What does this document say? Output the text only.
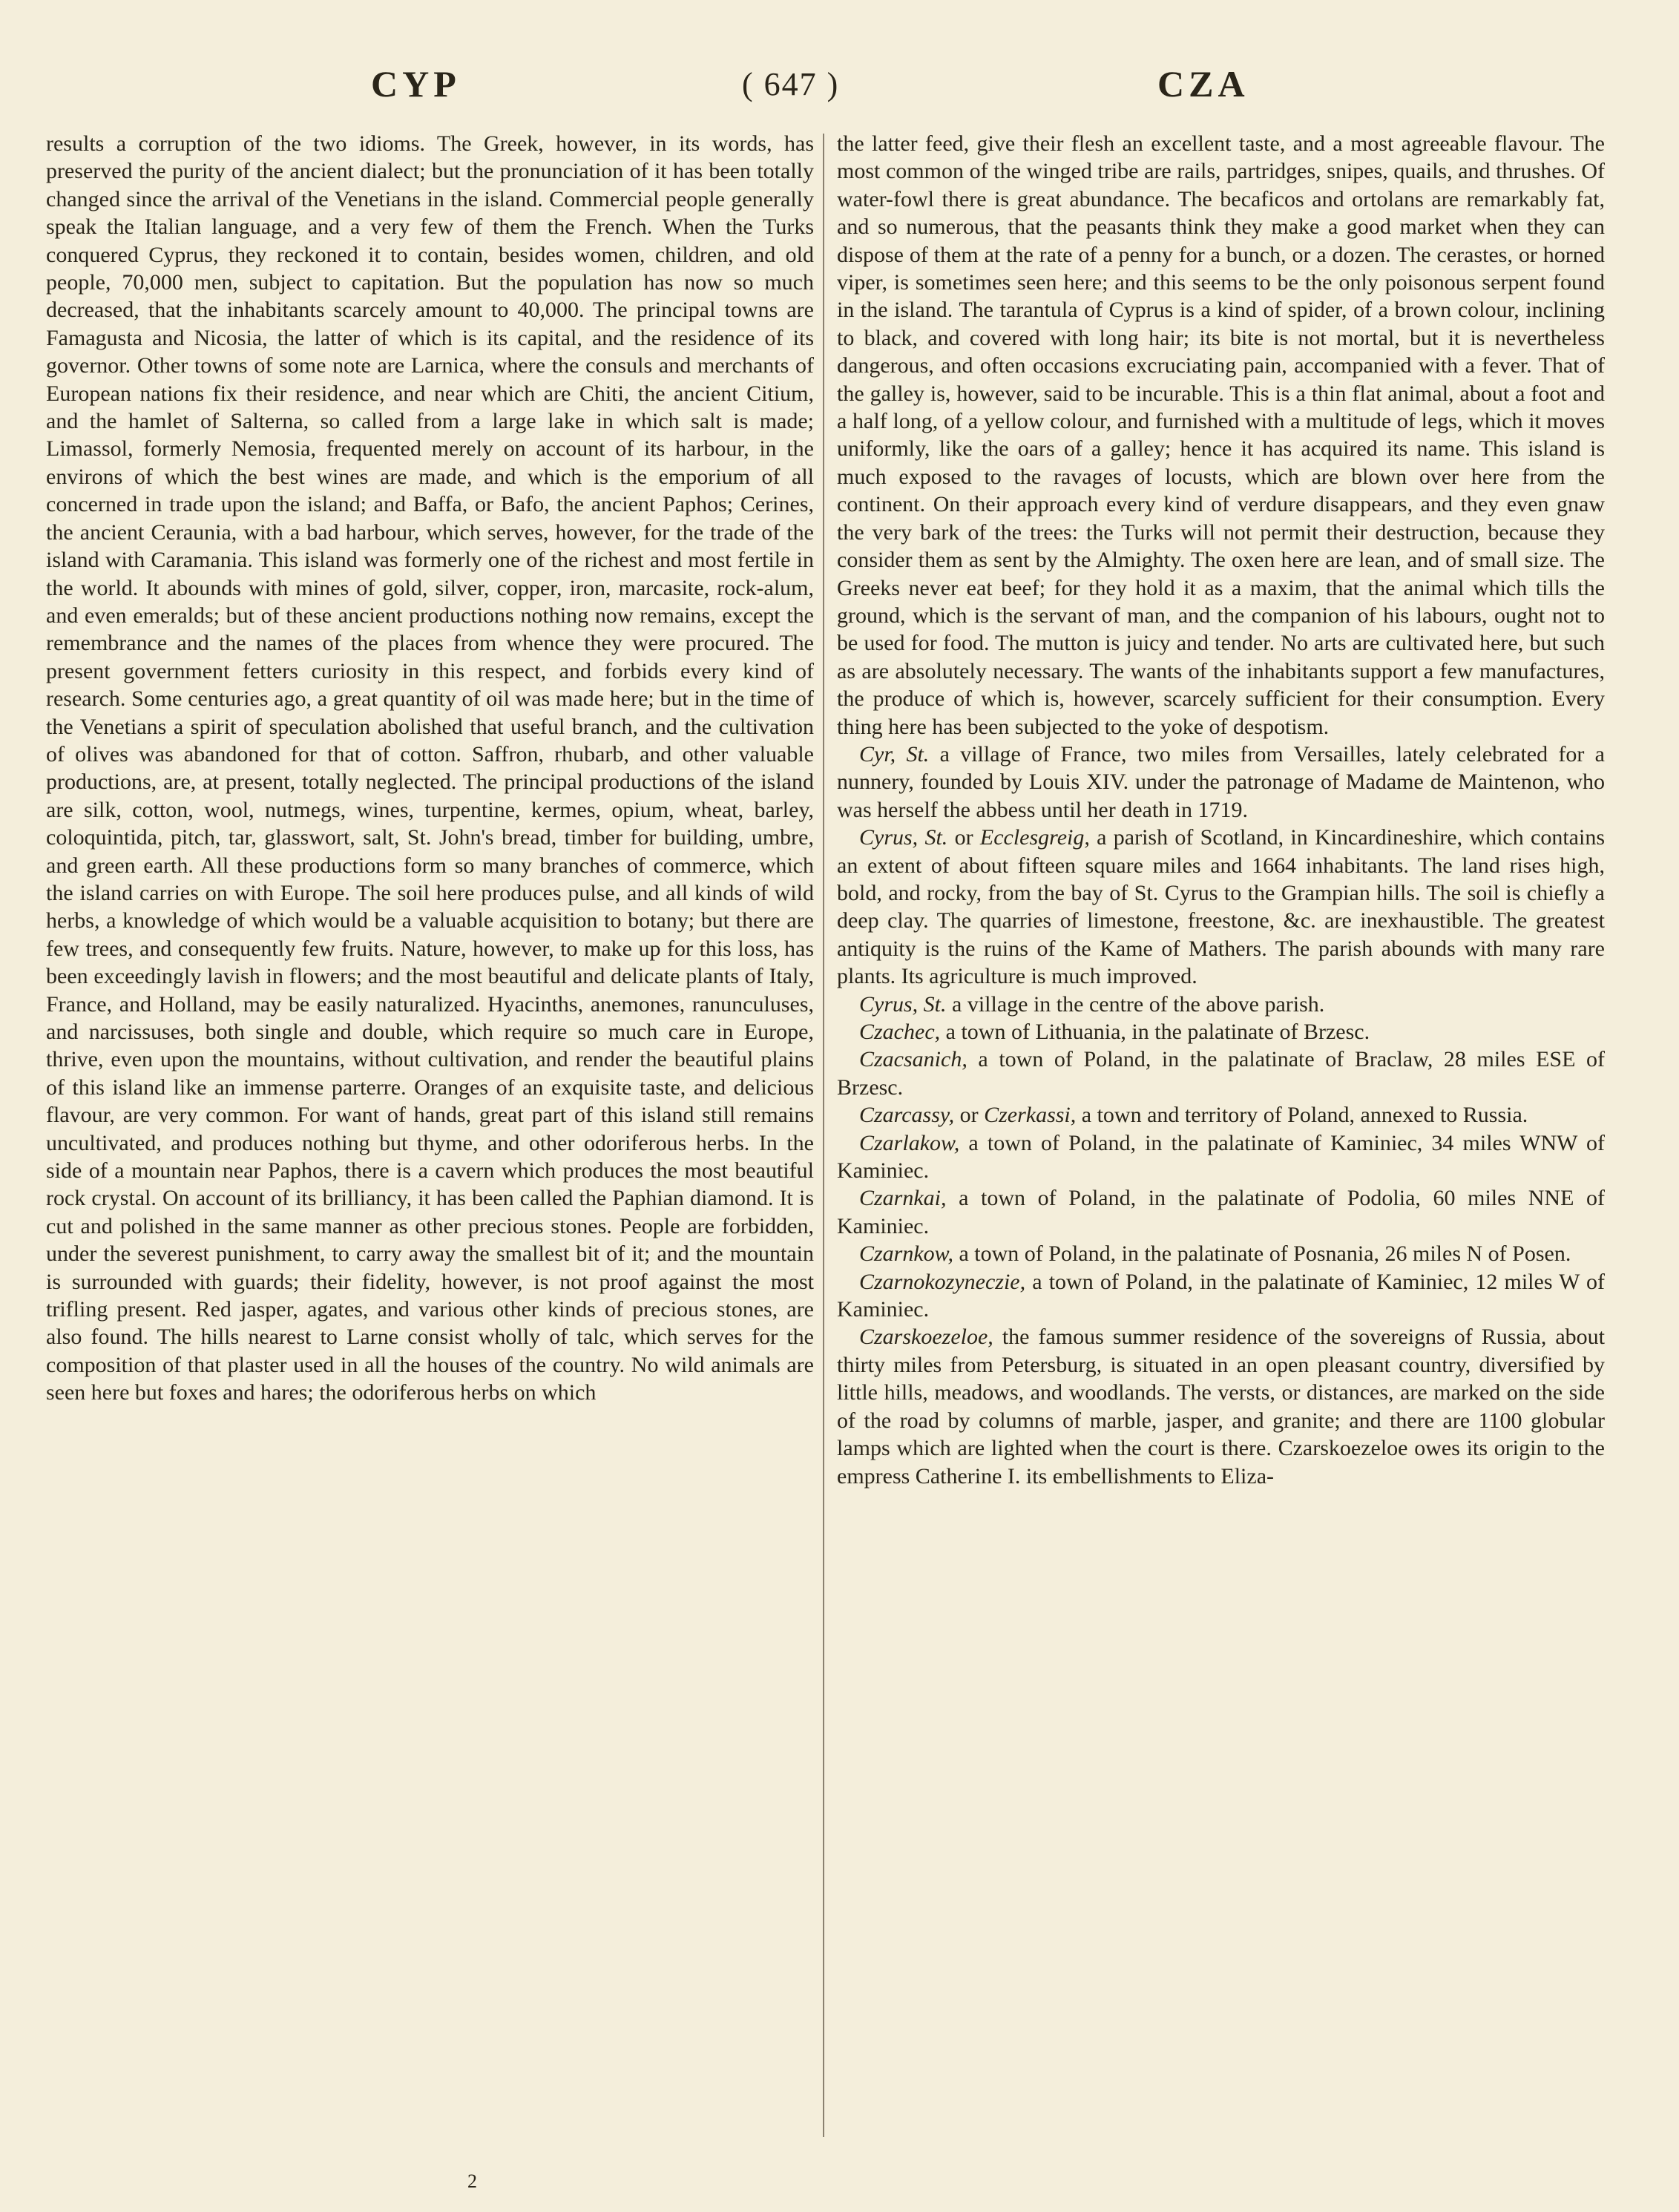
CYP	( 647 )	CZA

results a corruption of the two idioms. The Greek, however, in its words, has preserved the purity of the ancient dialect; but the pronunciation of it has been totally changed since the arrival of the Venetians in the island. Commercial people generally speak the Italian language, and a very few of them the French. When the Turks conquered Cyprus, they reckoned it to contain, besides women, children, and old people, 70,000 men, subject to capitation. But the population has now so much decreased, that the inhabitants scarcely amount to 40,000. The principal towns are Famagusta and Nicosia, the latter of which is its capital, and the residence of its governor. Other towns of some note are Larnica, where the consuls and merchants of European nations fix their residence, and near which are Chiti, the ancient Citium, and the hamlet of Salterna, so called from a large lake in which salt is made; Limassol, formerly Nemosia, frequented merely on account of its harbour, in the environs of which the best wines are made, and which is the emporium of all concerned in trade upon the island; and Baffa, or Bafo, the ancient Paphos; Cerines, the ancient Ceraunia, with a bad harbour, which serves, however, for the trade of the island with Caramania. This island was formerly one of the richest and most fertile in the world. It abounds with mines of gold, silver, copper, iron, marcasite, rock-alum, and even emeralds; but of these ancient productions nothing now remains, except the remembrance and the names of the places from whence they were procured. The present government fetters curiosity in this respect, and forbids every kind of research. Some centuries ago, a great quantity of oil was made here; but in the time of the Venetians a spirit of speculation abolished that useful branch, and the cultivation of olives was abandoned for that of cotton. Saffron, rhubarb, and other valuable productions, are, at present, totally neglected. The principal productions of the island are silk, cotton, wool, nutmegs, wines, turpentine, kermes, opium, wheat, barley, coloquintida, pitch, tar, glasswort, salt, St. John's bread, timber for building, umbre, and green earth. All these productions form so many branches of commerce, which the island carries on with Europe. The soil here produces pulse, and all kinds of wild herbs, a knowledge of which would be a valuable acquisition to botany; but there are few trees, and consequently few fruits. Nature, however, to make up for this loss, has been exceedingly lavish in flowers; and the most beautiful and delicate plants of Italy, France, and Holland, may be easily naturalized. Hyacinths, anemones, ranunculuses, and narcissuses, both single and double, which require so much care in Europe, thrive, even upon the mountains, without cultivation, and render the beautiful plains of this island like an immense parterre. Oranges of an exquisite taste, and delicious flavour, are very common. For want of hands, great part of this island still remains uncultivated, and produces nothing but thyme, and other odoriferous herbs. In the side of a mountain near Paphos, there is a cavern which produces the most beautiful rock crystal. On account of its brilliancy, it has been called the Paphian diamond. It is cut and polished in the same manner as other precious stones. People are forbidden, under the severest punishment, to carry away the smallest bit of it; and the mountain is surrounded with guards; their fidelity, however, is not proof against the most trifling present. Red jasper, agates, and various other kinds of precious stones, are also found. The hills nearest to Larne consist wholly of talc, which serves for the composition of that plaster used in all the houses of the country. No wild animals are seen here but foxes and hares; the odoriferous herbs on which

the latter feed, give their flesh an excellent taste, and a most agreeable flavour. The most common of the winged tribe are rails, partridges, snipes, quails, and thrushes. Of water-fowl there is great abundance. The becaficos and ortolans are remarkably fat, and so numerous, that the peasants think they make a good market when they can dispose of them at the rate of a penny for a bunch, or a dozen. The cerastes, or horned viper, is sometimes seen here; and this seems to be the only poisonous serpent found in the island. The tarantula of Cyprus is a kind of spider, of a brown colour, inclining to black, and covered with long hair; its bite is not mortal, but it is nevertheless dangerous, and often occasions excruciating pain, accompanied with a fever. That of the galley is, however, said to be incurable. This is a thin flat animal, about a foot and a half long, of a yellow colour, and furnished with a multitude of legs, which it moves uniformly, like the oars of a galley; hence it has acquired its name. This island is much exposed to the ravages of locusts, which are blown over here from the continent. On their approach every kind of verdure disappears, and they even gnaw the very bark of the trees: the Turks will not permit their destruction, because they consider them as sent by the Almighty. The oxen here are lean, and of small size. The Greeks never eat beef; for they hold it as a maxim, that the animal which tills the ground, which is the servant of man, and the companion of his labours, ought not to be used for food. The mutton is juicy and tender. No arts are cultivated here, but such as are absolutely necessary. The wants of the inhabitants support a few manufactures, the produce of which is, however, scarcely sufficient for their consumption. Every thing here has been subjected to the yoke of despotism.

Cyr, St. a village of France, two miles from Versailles, lately celebrated for a nunnery, founded by Louis XIV. under the patronage of Madame de Maintenon, who was herself the abbess until her death in 1719.

Cyrus, St. or Ecclesgreig, a parish of Scotland, in Kincardineshire, which contains an extent of about fifteen square miles and 1664 inhabitants. The land rises high, bold, and rocky, from the bay of St. Cyrus to the Grampian hills. The soil is chiefly a deep clay. The quarries of limestone, freestone, &c. are inexhaustible. The greatest antiquity is the ruins of the Kame of Mathers. The parish abounds with many rare plants. Its agriculture is much improved.

Cyrus, St. a village in the centre of the above parish.

Czachec, a town of Lithuania, in the palatinate of Brzesc.

Czacsanich, a town of Poland, in the palatinate of Braclaw, 28 miles ESE of Brzesc.

Czarcassy, or Czerkassi, a town and territory of Poland, annexed to Russia.

Czarlakow, a town of Poland, in the palatinate of Kaminiec, 34 miles WNW of Kaminiec.

Czarnkai, a town of Poland, in the palatinate of Podolia, 60 miles NNE of Kaminiec.

Czarnkow, a town of Poland, in the palatinate of Posnania, 26 miles N of Posen.

Czarnokozyneczie, a town of Poland, in the palatinate of Kaminiec, 12 miles W of Kaminiec.

Czarskoezeloe, the famous summer residence of the sovereigns of Russia, about thirty miles from Petersburg, is situated in an open pleasant country, diversified by little hills, meadows, and woodlands. The versts, or distances, are marked on the side of the road by columns of marble, jasper, and granite; and there are 1100 globular lamps which are lighted when the court is there. Czarskoezeloe owes its origin to the empress Catherine I. its embellishments to Eliza-

2
